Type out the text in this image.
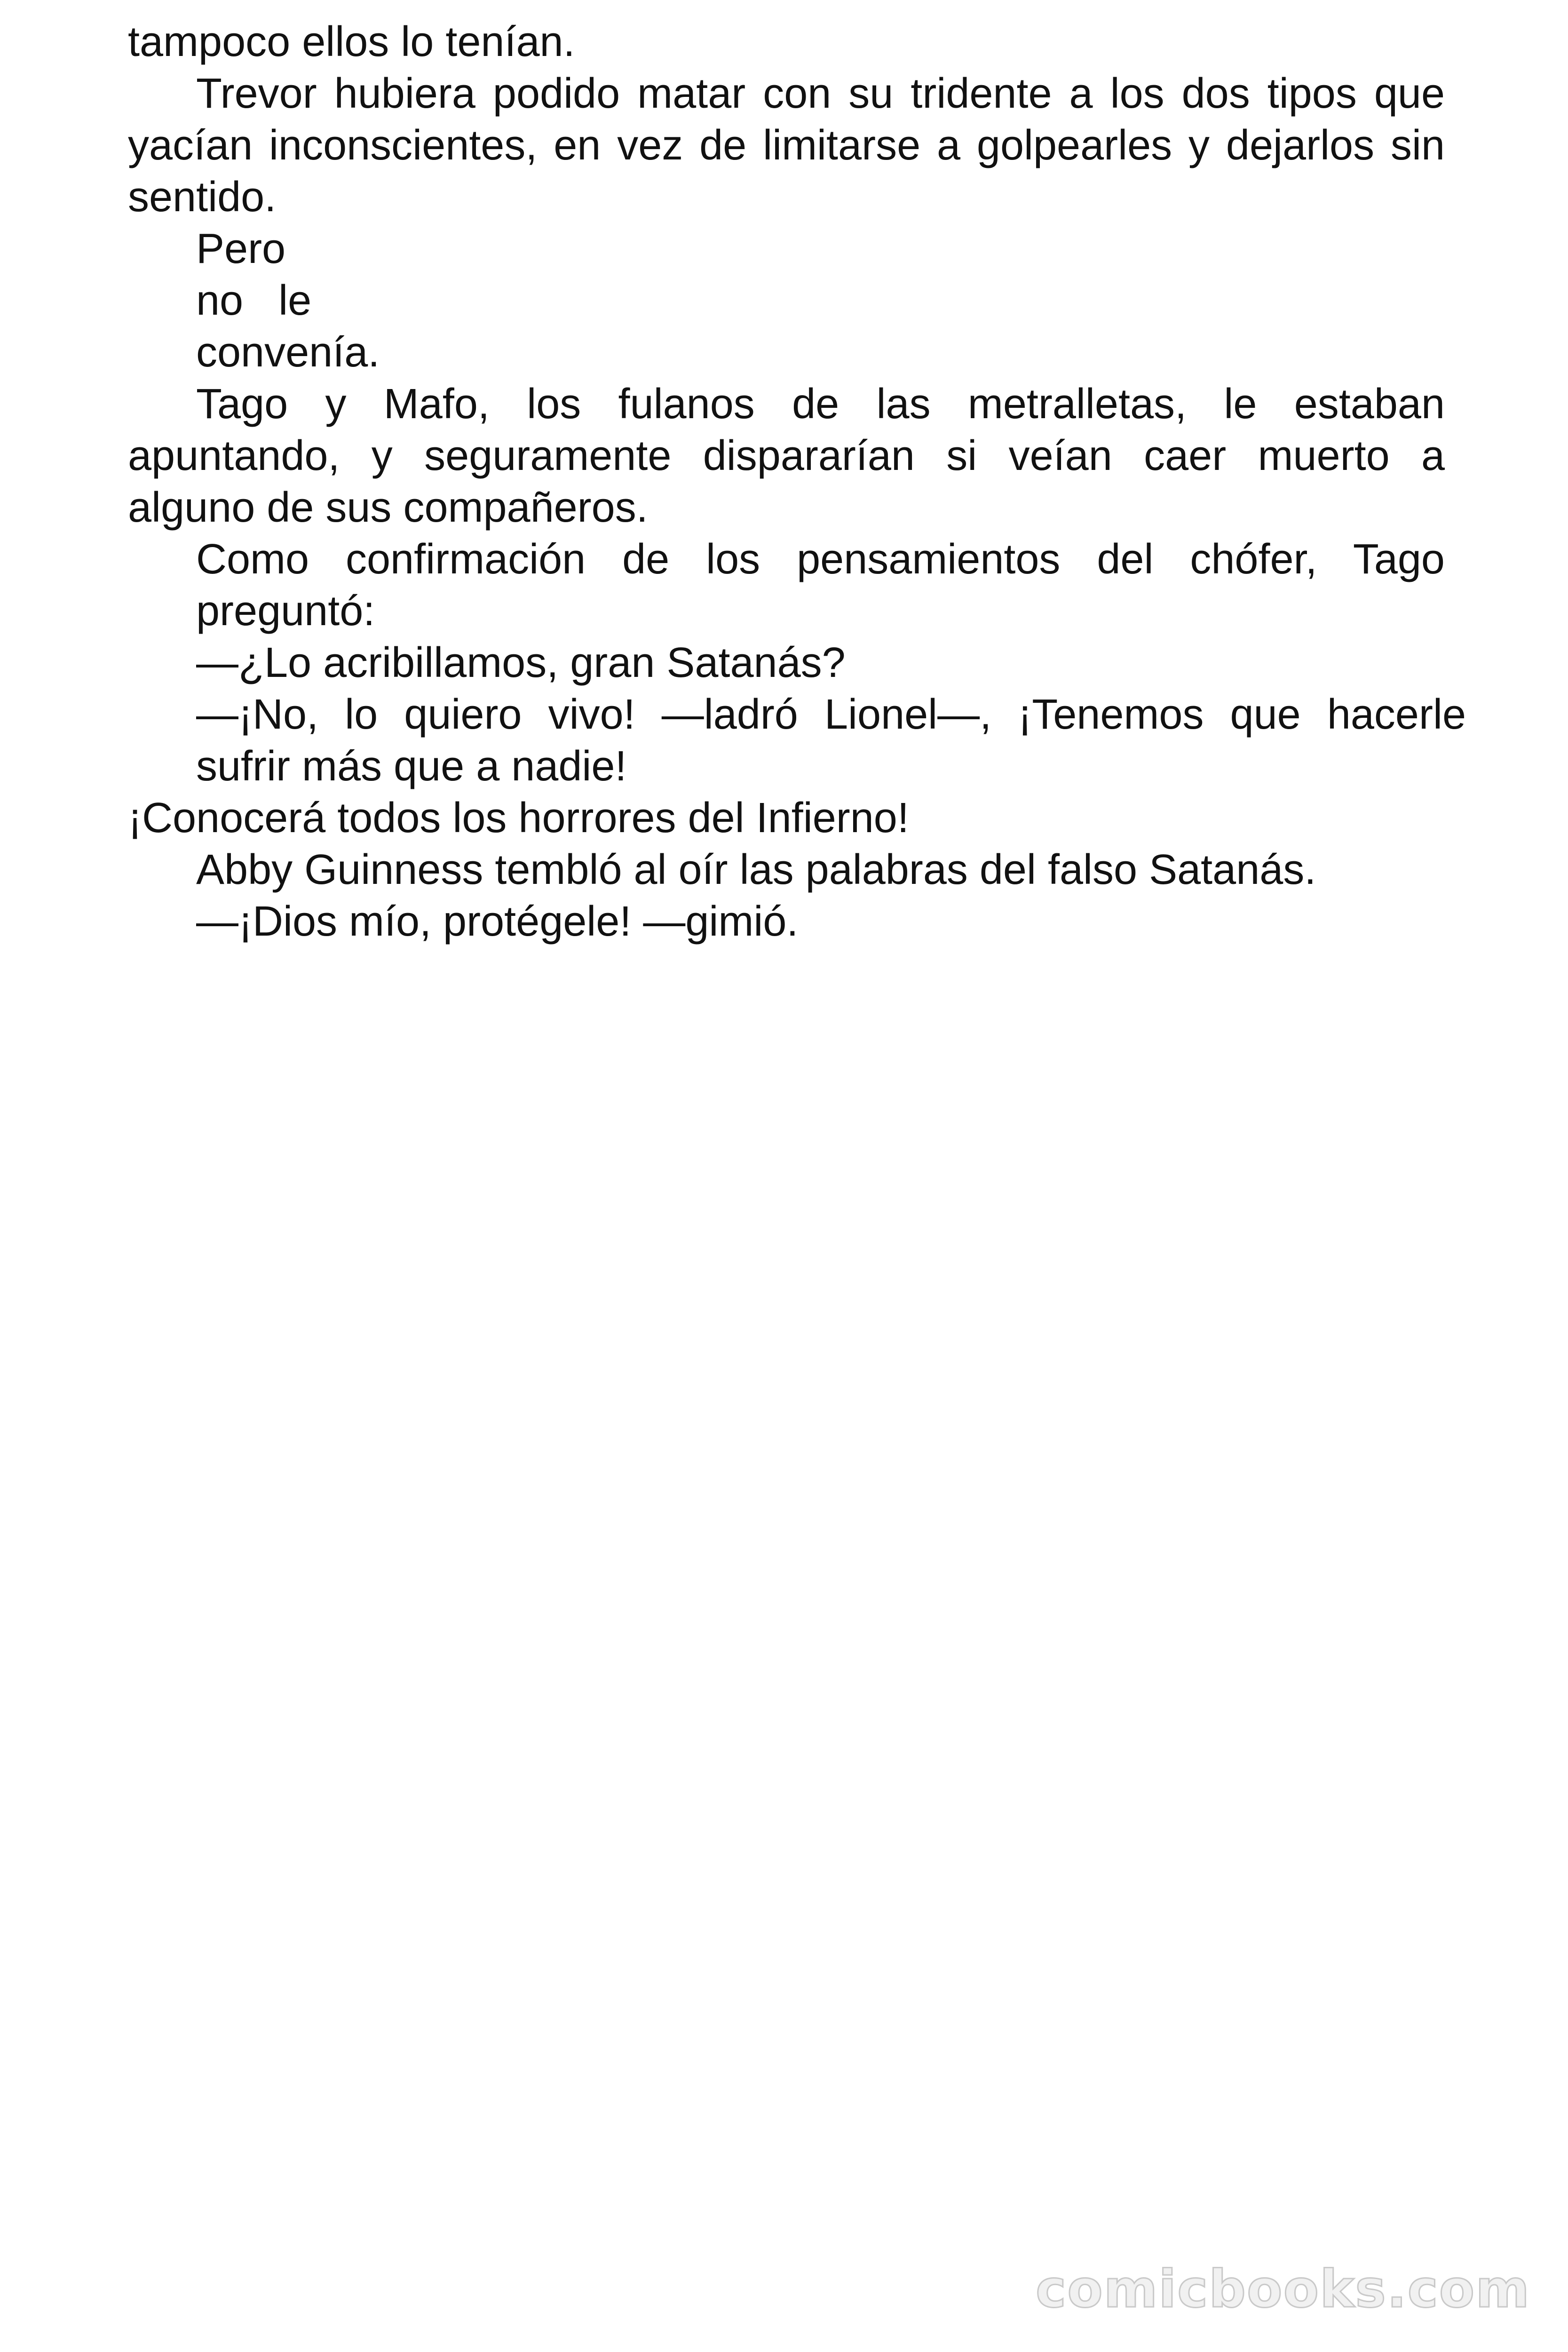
tampoco ellos lo tenían.
Trevor hubiera podido matar con su tridente a los dos tipos que
yacían inconscientes, en vez de limitarse a golpearles y dejarlos sin
sentido.
Pero
no   le
convenía.
Tago y Mafo, los fulanos de las metralletas, le estaban
apuntando, y seguramente dispararían si veían caer muerto a
alguno de sus compañeros.
Como confirmación de los pensamientos del chófer, Tago
preguntó:
—¿Lo acribillamos, gran Satanás?
—¡No, lo quiero vivo! —ladró Lionel—, ¡Tenemos que hacerle
sufrir más que a nadie!
¡Conocerá todos los horrores del Infierno!
Abby Guinness tembló al oír las palabras del falso Satanás.
—¡Dios mío, protégele! —gimió.
comicbooks.com
